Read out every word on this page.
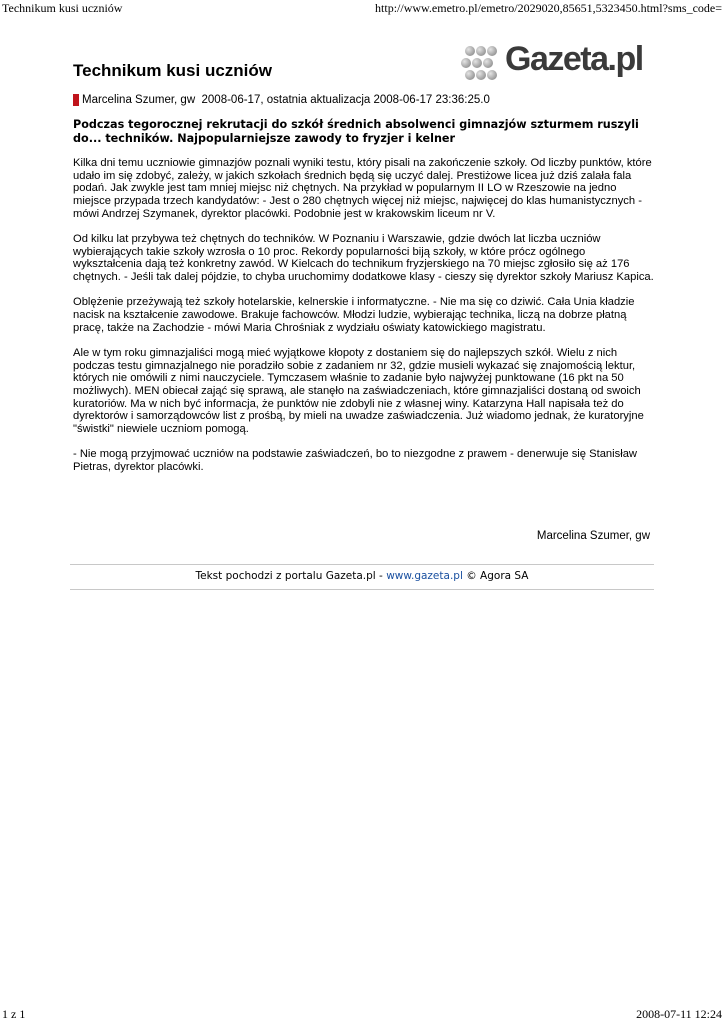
Technikum kusi uczniów	http://www.emetro.pl/emetro/2029020,85651,5323450.html?sms_code=
Gazeta.pl
Technikum kusi uczniów
Marcelina Szumer, gw  2008-06-17, ostatnia aktualizacja 2008-06-17 23:36:25.0

Podczas tegorocznej rekrutacji do szkół średnich absolwenci gimnazjów szturmem ruszyli do... techników. Najpopularniejsze zawody to fryzjer i kelner

Kilka dni temu uczniowie gimnazjów poznali wyniki testu, który pisali na zakończenie szkoły. Od liczby punktów, które udało im się zdobyć, zależy, w jakich szkołach średnich będą się uczyć dalej. Prestiżowe licea już dziś zalała fala podań. Jak zwykle jest tam mniej miejsc niż chętnych. Na przykład w popularnym II LO w Rzeszowie na jedno miejsce przypada trzech kandydatów: - Jest o 280 chętnych więcej niż miejsc, najwięcej do klas humanistycznych - mówi Andrzej Szymanek, dyrektor placówki. Podobnie jest w krakowskim liceum nr V.

Od kilku lat przybywa też chętnych do techników. W Poznaniu i Warszawie, gdzie dwóch lat liczba uczniów wybierających takie szkoły wzrosła o 10 proc. Rekordy popularności biją szkoły, w które prócz ogólnego wykształcenia dają też konkretny zawód. W Kielcach do technikum fryzjerskiego na 70 miejsc zgłosiło się aż 176 chętnych. - Jeśli tak dalej pójdzie, to chyba uruchomimy dodatkowe klasy - cieszy się dyrektor szkoły Mariusz Kapica.

Oblężenie przeżywają też szkoły hotelarskie, kelnerskie i informatyczne. - Nie ma się co dziwić. Cała Unia kładzie nacisk na kształcenie zawodowe. Brakuje fachowców. Młodzi ludzie, wybierając technika, liczą na dobrze płatną pracę, także na Zachodzie - mówi Maria Chrośniak z wydziału oświaty katowickiego magistratu.

Ale w tym roku gimnazjaliści mogą mieć wyjątkowe kłopoty z dostaniem się do najlepszych szkół. Wielu z nich podczas testu gimnazjalnego nie poradziło sobie z zadaniem nr 32, gdzie musieli wykazać się znajomością lektur, których nie omówili z nimi nauczyciele. Tymczasem właśnie to zadanie było najwyżej punktowane (16 pkt na 50 możliwych). MEN obiecał zająć się sprawą, ale stanęło na zaświadczeniach, które gimnazjaliści dostaną od swoich kuratoriów. Ma w nich być informacja, że punktów nie zdobyli nie z własnej winy. Katarzyna Hall napisała też do dyrektorów i samorządowców list z prośbą, by mieli na uwadze zaświadczenia. Już wiadomo jednak, że kuratoryjne "świstki" niewiele uczniom pomogą.

- Nie mogą przyjmować uczniów na podstawie zaświadczeń, bo to niezgodne z prawem - denerwuje się Stanisław Pietras, dyrektor placówki.

Marcelina Szumer, gw
Tekst pochodzi z portalu Gazeta.pl - www.gazeta.pl © Agora SA
1 z 1	2008-07-11 12:24
